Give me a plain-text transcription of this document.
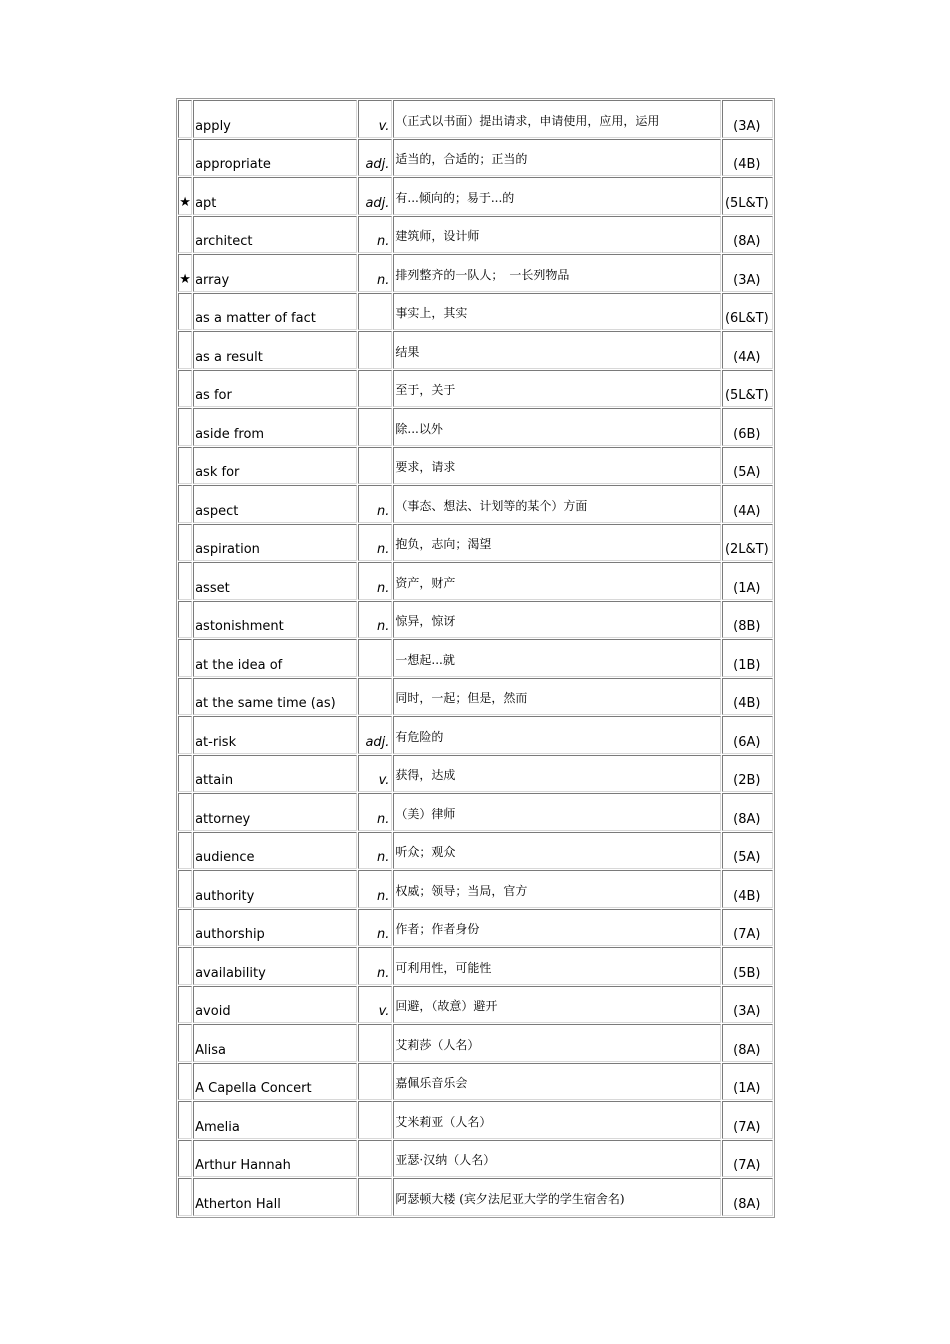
	apply	v.	（正式以书面）提出请求，申请使用，应用，运用	(3A)
	appropriate	adj.	适当的，合适的；正当的	(4B)
★	apt	adj.	有...倾向的；易于...的	(5L&T)
	architect	n.	建筑师，设计师	(8A)
★	array	n.	排列整齐的一队人；　一长列物品	(3A)
	as a matter of fact		事实上，其实	(6L&T)
	as a result		结果	(4A)
	as for		至于，关于	(5L&T)
	aside from		除...以外	(6B)
	ask for		要求，请求	(5A)
	aspect	n.	（事态、想法、计划等的某个）方面	(4A)
	aspiration	n.	抱负，志向；渴望	(2L&T)
	asset	n.	资产，财产	(1A)
	astonishment	n.	惊异，惊讶	(8B)
	at the idea of		一想起...就	(1B)
	at the same time (as)		同时，一起；但是，然而	(4B)
	at-risk	adj.	有危险的	(6A)
	attain	v.	获得，达成	(2B)
	attorney	n.	（美）律师	(8A)
	audience	n.	听众；观众	(5A)
	authority	n.	权威；领导；当局，官方	(4B)
	authorship	n.	作者；作者身份	(7A)
	availability	n.	可利用性，可能性	(5B)
	avoid	v.	回避，（故意）避开	(3A)
	Alisa		艾莉莎（人名）	(8A)
	A Capella Concert		嘉佩乐音乐会	(1A)
	Amelia		艾米莉亚（人名）	(7A)
	Arthur Hannah		亚瑟·汉纳（人名）	(7A)
	Atherton Hall		阿瑟顿大楼 (宾夕法尼亚大学的学生宿舍名)	(8A)
